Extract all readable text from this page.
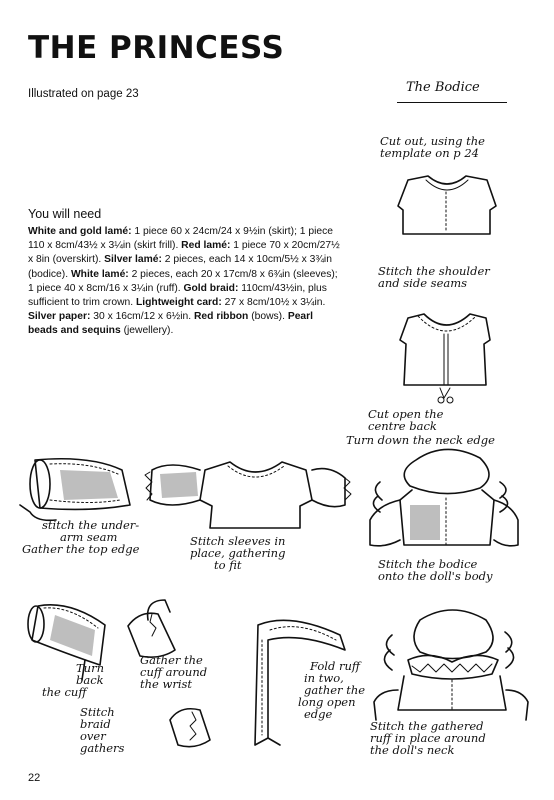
THE PRINCESS
Illustrated on page 23	The Bodice
You will need
White and gold lamé: 1 piece 60 x 24cm/24 x 9½in (skirt); 1 piece 110 x 8cm/43½ x 3¼in (skirt frill). Red lamé: 1 piece 70 x 20cm/27½ x 8in (overskirt). Silver lamé: 2 pieces, each 14 x 10cm/5½ x 3¾in (bodice). White lamé: 2 pieces, each 20 x 17cm/8 x 6¾in (sleeves); 1 piece 40 x 8cm/16 x 3¼in (ruff). Gold braid: 110cm/43½in, plus sufficient to trim crown. Lightweight card: 27 x 8cm/10½ x 3¼in. Silver paper: 30 x 16cm/12 x 6½in. Red ribbon (bows). Pearl beads and sequins (jewellery).
Cut out, using the
template on p 24
Stitch the shoulder
and side seams
Cut open the
centre back
Turn down the neck edge
stitch the under-
arm seam
Gather the top edge
Stitch sleeves in
place, gathering
to fit	Stitch the bodice
onto the doll's body
Turn
back
the cuff
Gather the
cuff around
the wrist
Stitch
braid
over
gathers
Fold ruff
in two,
gather the
long open
edge
Stitch the gathered
ruff in place around
the doll's neck
22
